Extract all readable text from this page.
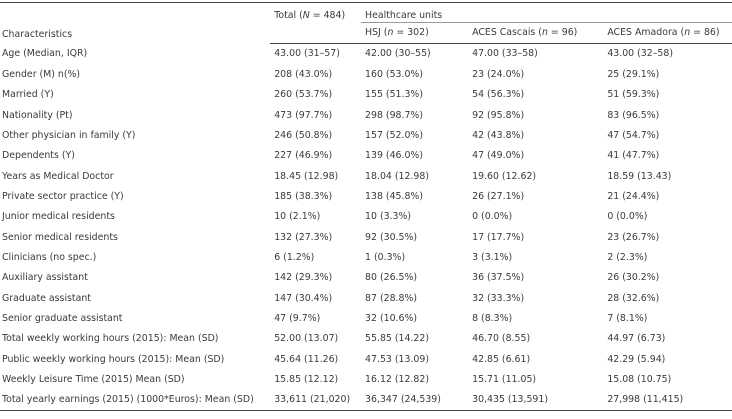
Characteristics	Total (N = 484)	Healthcare units		
		HSJ (n = 302)	ACES Cascais (n = 96)	ACES Amadora (n = 86)
Age (Median, IQR)	43.00 (31–57)	42.00 (30–55)	47.00 (33–58)	43.00 (32–58)
Gender (M) n(%)	208 (43.0%)	160 (53.0%)	23 (24.0%)	25 (29.1%)
Married (Y)	260 (53.7%)	155 (51.3%)	54 (56.3%)	51 (59.3%)
Nationality (Pt)	473 (97.7%)	298 (98.7%)	92 (95.8%)	83 (96.5%)
Other physician in family (Y)	246 (50.8%)	157 (52.0%)	42 (43.8%)	47 (54.7%)
Dependents (Y)	227 (46.9%)	139 (46.0%)	47 (49.0%)	41 (47.7%)
Years as Medical Doctor	18.45 (12.98)	18.04 (12.98)	19.60 (12.62)	18.59 (13.43)
Private sector practice (Y)	185 (38.3%)	138 (45.8%)	26 (27.1%)	21 (24.4%)
Junior medical residents	10 (2.1%)	10 (3.3%)	0 (0.0%)	0 (0.0%)
Senior medical residents	132 (27.3%)	92 (30.5%)	17 (17.7%)	23 (26.7%)
Clinicians (no spec.)	6 (1.2%)	1 (0.3%)	3 (3.1%)	2 (2.3%)
Auxiliary assistant	142 (29.3%)	80 (26.5%)	36 (37.5%)	26 (30.2%)
Graduate assistant	147 (30.4%)	87 (28.8%)	32 (33.3%)	28 (32.6%)
Senior graduate assistant	47 (9.7%)	32 (10.6%)	8 (8.3%)	7 (8.1%)
Total weekly working hours (2015): Mean (SD)	52.00 (13.07)	55.85 (14.22)	46.70 (8.55)	44.97 (6.73)
Public weekly working hours (2015): Mean (SD)	45.64 (11.26)	47.53 (13.09)	42.85 (6.61)	42.29 (5.94)
Weekly Leisure Time (2015) Mean (SD)	15.85 (12.12)	16.12 (12.82)	15.71 (11.05)	15.08 (10.75)
Total yearly earnings (2015) (1000*Euros): Mean (SD)	33,611 (21,020)	36,347 (24,539)	30,435 (13,591)	27,998 (11,415)
